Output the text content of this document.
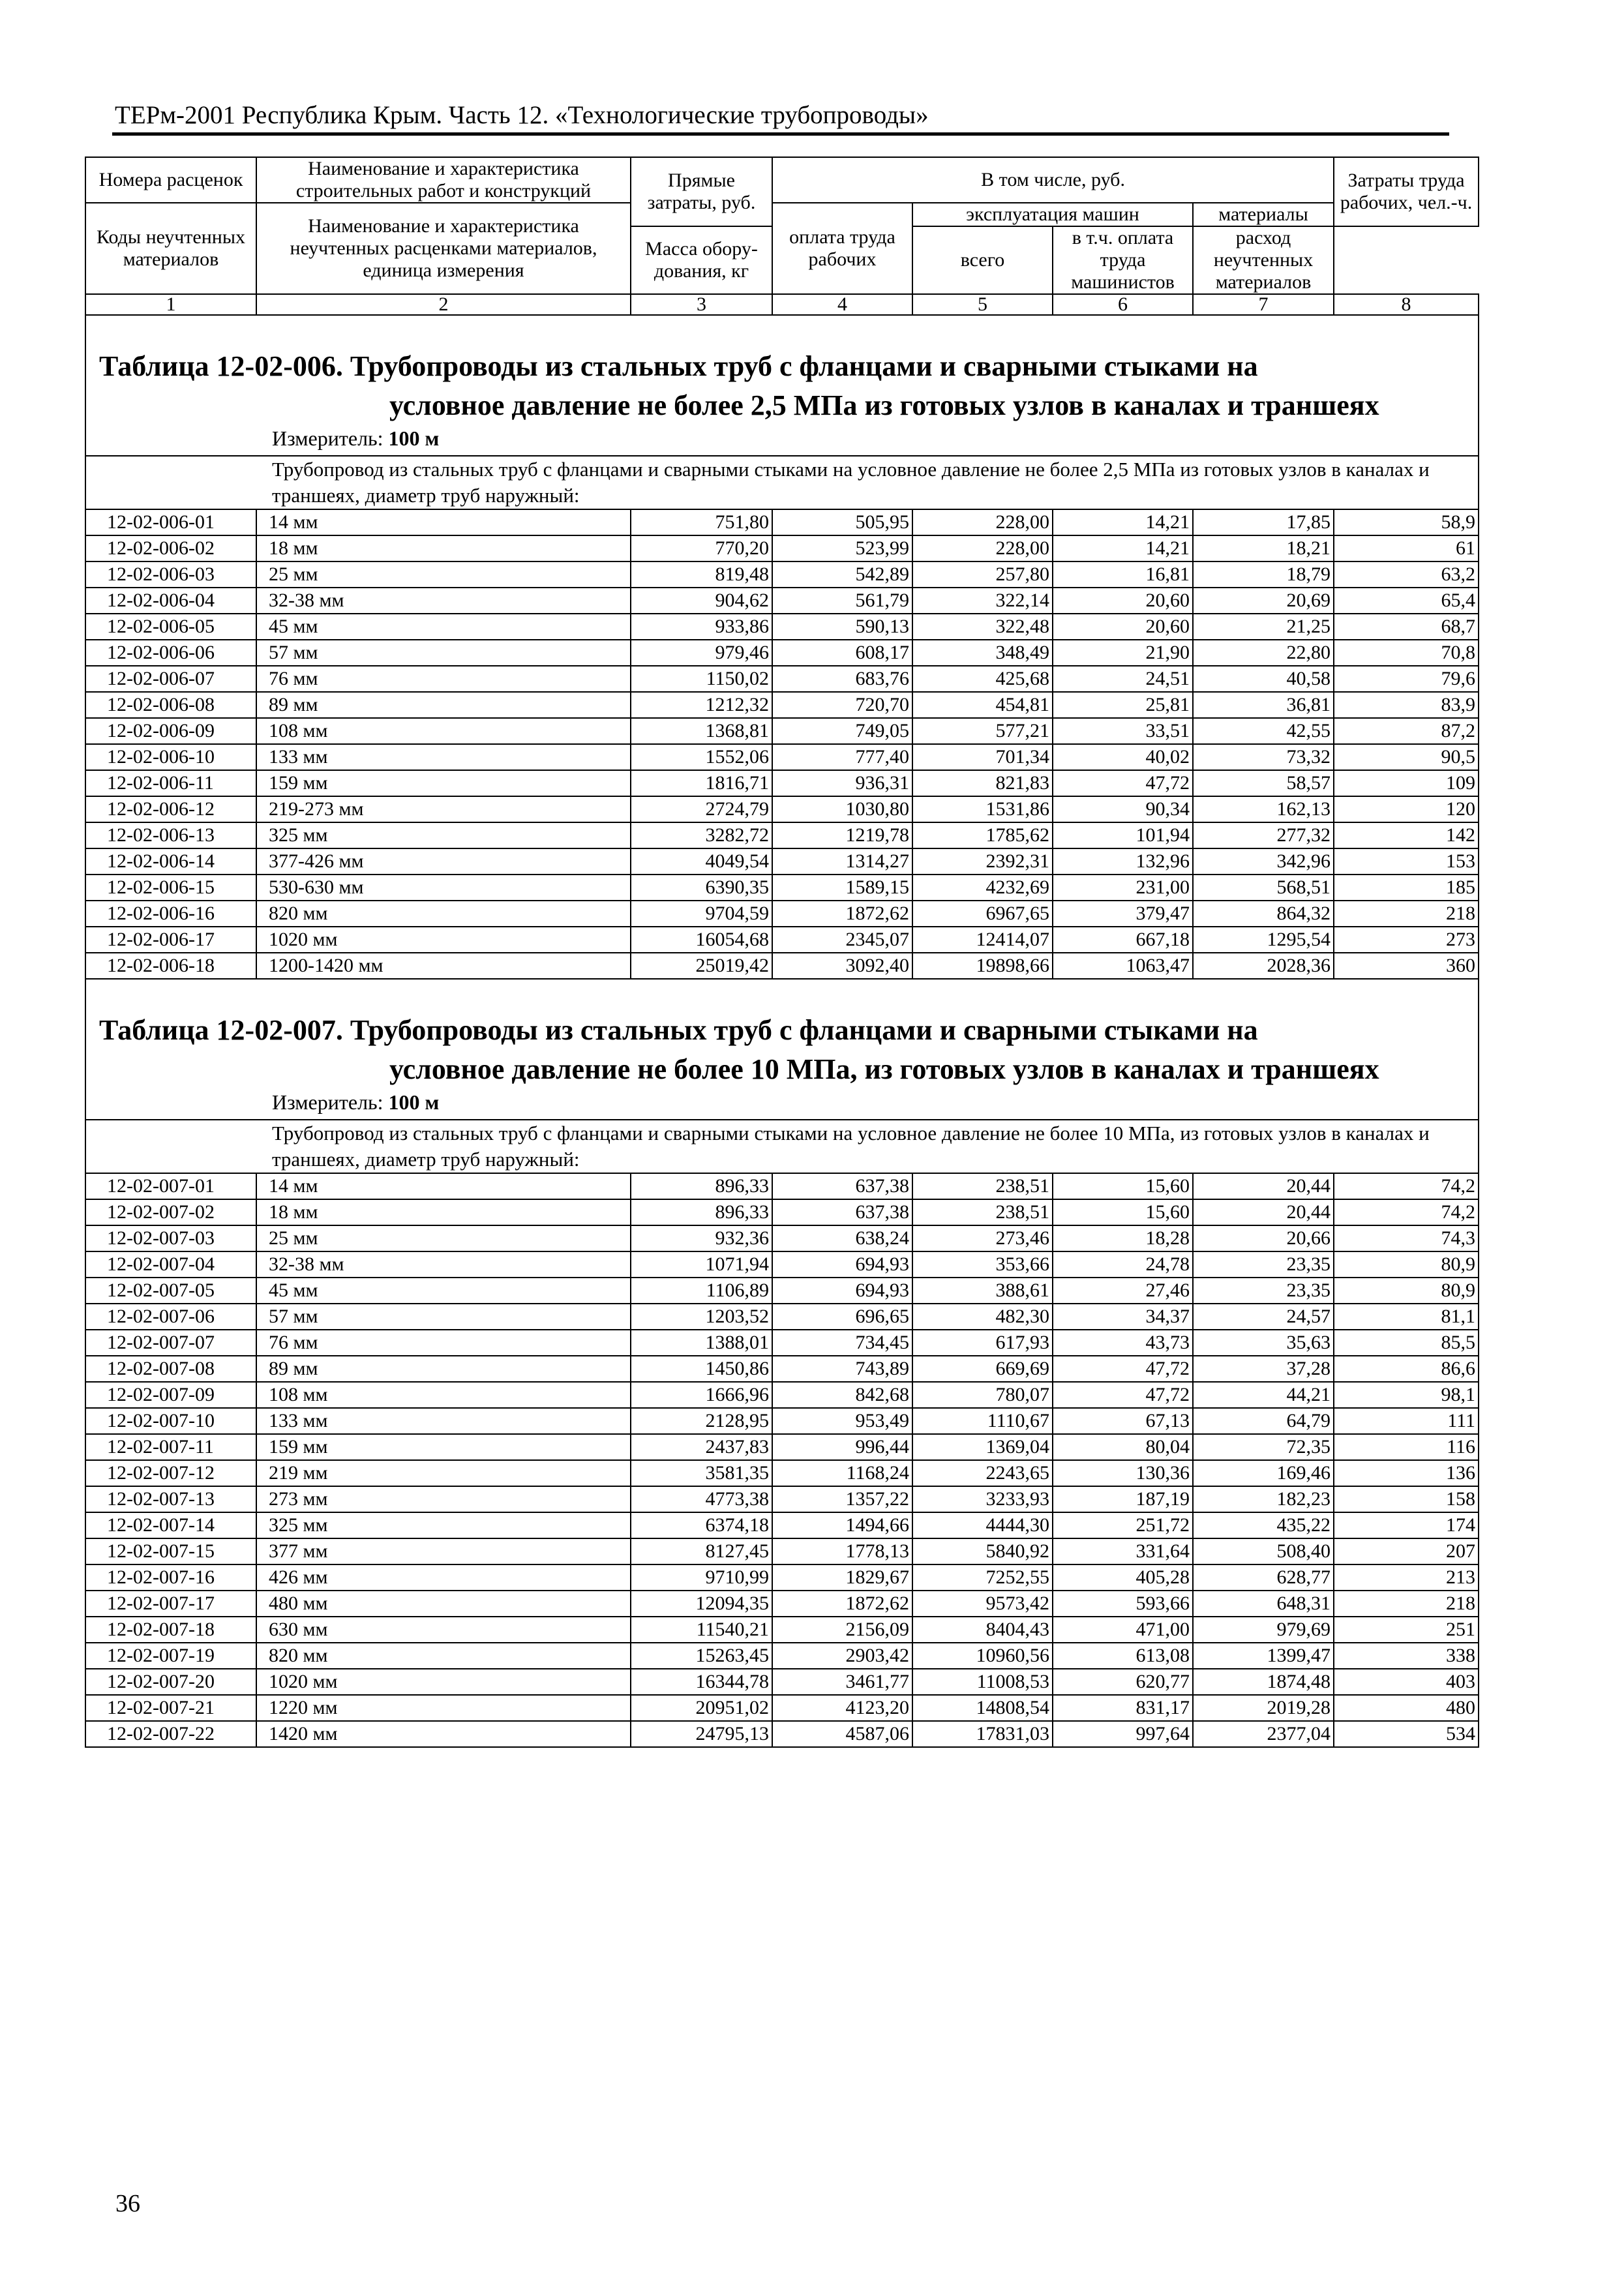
ТЕРм-2001 Республика Крым. Часть 12. «Технологические трубопроводы»
Номера расценок	Наименование и характеристика строительных работ и конструкций	Прямые затраты, руб.	В том числе, руб.				Затраты труда рабочих, чел.-ч.
Коды неучтенных материалов	Наименование и характеристика неучтенных расценками материалов, единица измерения		оплата труда рабочих	эксплуатация машин		материалы	
				всего	в т.ч. оплата труда машинистов	расход неучтенных материалов	
		Масса обору-дования, кг					
1	2	3	4	5	6	7	8

Таблица 12-02-006. Трубопроводы из стальных труб с фланцами и сварными стыками на
условное давление не более 2,5 МПа из готовых узлов в каналах и траншеях
Измеритель: 100 м							

Трубопровод из стальных труб с фланцами и сварными стыками на условное давление не более 2,5 МПа из готовых узлов в каналах и траншеях, диаметр труб наружный:							
12-02-006-01	14 мм	751,80	505,95	228,00	14,21	17,85	58,9
12-02-006-02	18 мм	770,20	523,99	228,00	14,21	18,21	61
12-02-006-03	25 мм	819,48	542,89	257,80	16,81	18,79	63,2
12-02-006-04	32-38 мм	904,62	561,79	322,14	20,60	20,69	65,4
12-02-006-05	45 мм	933,86	590,13	322,48	20,60	21,25	68,7
12-02-006-06	57 мм	979,46	608,17	348,49	21,90	22,80	70,8
12-02-006-07	76 мм	1150,02	683,76	425,68	24,51	40,58	79,6
12-02-006-08	89 мм	1212,32	720,70	454,81	25,81	36,81	83,9
12-02-006-09	108 мм	1368,81	749,05	577,21	33,51	42,55	87,2
12-02-006-10	133 мм	1552,06	777,40	701,34	40,02	73,32	90,5
12-02-006-11	159 мм	1816,71	936,31	821,83	47,72	58,57	109
12-02-006-12	219-273 мм	2724,79	1030,80	1531,86	90,34	162,13	120
12-02-006-13	325 мм	3282,72	1219,78	1785,62	101,94	277,32	142
12-02-006-14	377-426 мм	4049,54	1314,27	2392,31	132,96	342,96	153
12-02-006-15	530-630 мм	6390,35	1589,15	4232,69	231,00	568,51	185
12-02-006-16	820 мм	9704,59	1872,62	6967,65	379,47	864,32	218
12-02-006-17	1020 мм	16054,68	2345,07	12414,07	667,18	1295,54	273
12-02-006-18	1200-1420 мм	25019,42	3092,40	19898,66	1063,47	2028,36	360

Таблица 12-02-007. Трубопроводы из стальных труб с фланцами и сварными стыками на
условное давление не более 10 МПа, из готовых узлов в каналах и траншеях
Измеритель: 100 м							

Трубопровод из стальных труб с фланцами и сварными стыками на условное давление не более 10 МПа, из готовых узлов в каналах и траншеях, диаметр труб наружный:							
12-02-007-01	14 мм	896,33	637,38	238,51	15,60	20,44	74,2
12-02-007-02	18 мм	896,33	637,38	238,51	15,60	20,44	74,2
12-02-007-03	25 мм	932,36	638,24	273,46	18,28	20,66	74,3
12-02-007-04	32-38 мм	1071,94	694,93	353,66	24,78	23,35	80,9
12-02-007-05	45 мм	1106,89	694,93	388,61	27,46	23,35	80,9
12-02-007-06	57 мм	1203,52	696,65	482,30	34,37	24,57	81,1
12-02-007-07	76 мм	1388,01	734,45	617,93	43,73	35,63	85,5
12-02-007-08	89 мм	1450,86	743,89	669,69	47,72	37,28	86,6
12-02-007-09	108 мм	1666,96	842,68	780,07	47,72	44,21	98,1
12-02-007-10	133 мм	2128,95	953,49	1110,67	67,13	64,79	111
12-02-007-11	159 мм	2437,83	996,44	1369,04	80,04	72,35	116
12-02-007-12	219 мм	3581,35	1168,24	2243,65	130,36	169,46	136
12-02-007-13	273 мм	4773,38	1357,22	3233,93	187,19	182,23	158
12-02-007-14	325 мм	6374,18	1494,66	4444,30	251,72	435,22	174
12-02-007-15	377 мм	8127,45	1778,13	5840,92	331,64	508,40	207
12-02-007-16	426 мм	9710,99	1829,67	7252,55	405,28	628,77	213
12-02-007-17	480 мм	12094,35	1872,62	9573,42	593,66	648,31	218
12-02-007-18	630 мм	11540,21	2156,09	8404,43	471,00	979,69	251
12-02-007-19	820 мм	15263,45	2903,42	10960,56	613,08	1399,47	338
12-02-007-20	1020 мм	16344,78	3461,77	11008,53	620,77	1874,48	403
12-02-007-21	1220 мм	20951,02	4123,20	14808,54	831,17	2019,28	480
12-02-007-22	1420 мм	24795,13	4587,06	17831,03	997,64	2377,04	534
36
